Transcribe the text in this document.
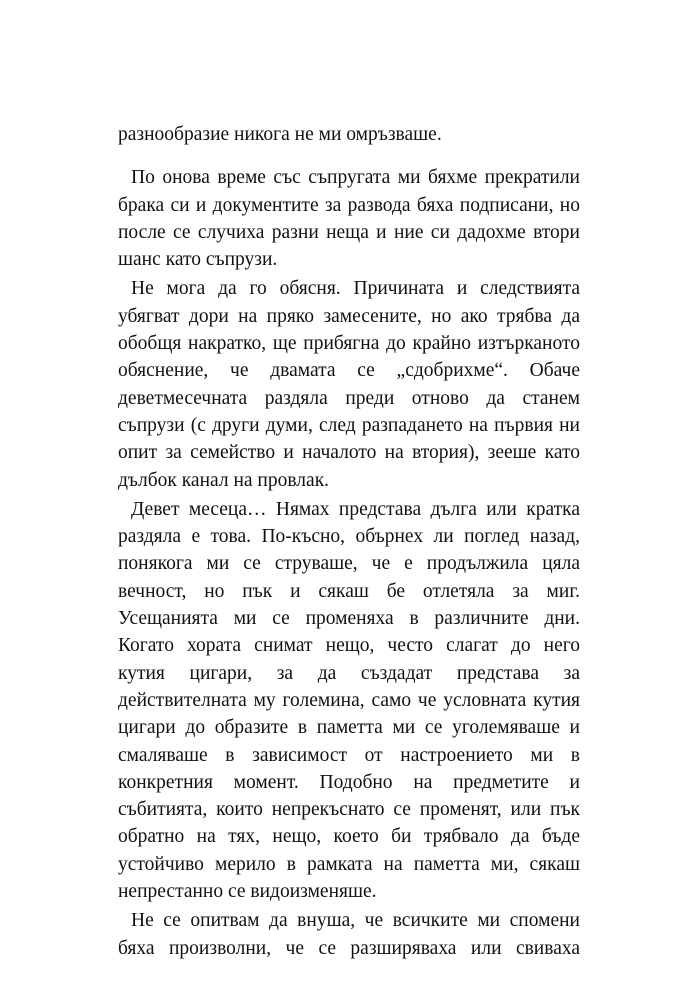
разнообразие никога не ми омръзваше.
По онова време със съпругата ми бяхме прекратили
брака си и документите за развода бяха подписани, но
после се случиха разни неща и ние си дадохме втори
шанс като съпрузи.
Не мога да го обясня. Причината и следствията
убягват дори на пряко замесените, но ако трябва да
обобщя накратко, ще прибягна до крайно изтърканото
обяснение, че двамата се „сдобрихме“. Обаче
деветмесечната раздяла преди отново да станем
съпрузи (с други думи, след разпадането на първия ни
опит за семейство и началото на втория), зееше като
дълбок канал на провлак.
Девет месеца… Нямах представа дълга или кратка
раздяла е това. По-късно, обърнех ли поглед назад,
понякога ми се струваше, че е продължила цяла
вечност, но пък и сякаш бе отлетяла за миг.
Усещанията ми се променяха в различните дни.
Когато хората снимат нещо, често слагат до него
кутия цигари, за да създадат представа за
действителната му големина, само че условната кутия
цигари до образите в паметта ми се уголемяваше и
смаляваше в зависимост от настроението ми в
конкретния момент. Подобно на предметите и
събитията, които непрекъснато се променят, или пък
обратно на тях, нещо, което би трябвало да бъде
устойчиво мерило в рамката на паметта ми, сякаш
непрестанно се видоизменяше.
Не се опитвам да внуша, че всичките ми спомени
бяха произволни, че се разширяваха или свиваха
